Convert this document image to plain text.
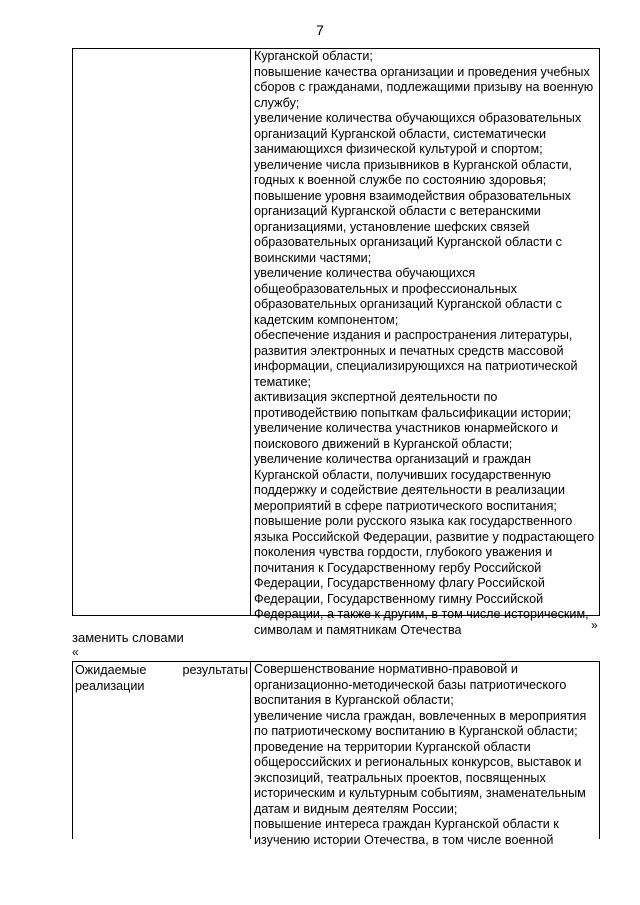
7
Курганской области;
повышение качества организации и проведения учебных
сборов с гражданами, подлежащими призыву на военную
службу;
увеличение количества обучающихся образовательных
организаций Курганской области, систематически
занимающихся физической культурой и спортом;
увеличение числа призывников в Курганской области,
годных к военной службе по состоянию здоровья;
повышение уровня взаимодействия образовательных
организаций Курганской области с ветеранскими
организациями, установление шефских связей
образовательных организаций Курганской области с
воинскими частями;
увеличение количества обучающихся
общеобразовательных и профессиональных
образовательных организаций Курганской области с
кадетским компонентом;
обеспечение издания и распространения литературы,
развития электронных и печатных средств массовой
информации, специализирующихся на патриотической
тематике;
активизация экспертной деятельности по
противодействию попыткам фальсификации истории;
увеличение количества участников юнармейского и
поискового движений в Курганской области;
увеличение количества организаций и граждан
Курганской области, получивших государственную
поддержку и содействие деятельности в реализации
мероприятий в сфере патриотического воспитания;
повышение роли русского языка как государственного
языка Российской Федерации, развитие у подрастающего
поколения чувства гордости, глубокого уважения и
почитания к Государственному гербу Российской
Федерации, Государственному флагу Российской
Федерации, Государственному гимну Российской
Федерации, а также к другим, в том числе историческим,
символам и памятникам Отечества	»
заменить словами
«
Ожидаемые	результаты
реализации
Совершенствование нормативно-правовой и
организационно-методической базы патриотического
воспитания в Курганской области;
увеличение числа граждан, вовлеченных в мероприятия
по патриотическому воспитанию в Курганской области;
проведение на территории Курганской области
общероссийских и региональных конкурсов, выставок и
экспозиций, театральных проектов, посвященных
историческим и культурным событиям, знаменательным
датам и видным деятелям России;
повышение интереса граждан Курганской области к
изучению истории Отечества, в том числе военной
